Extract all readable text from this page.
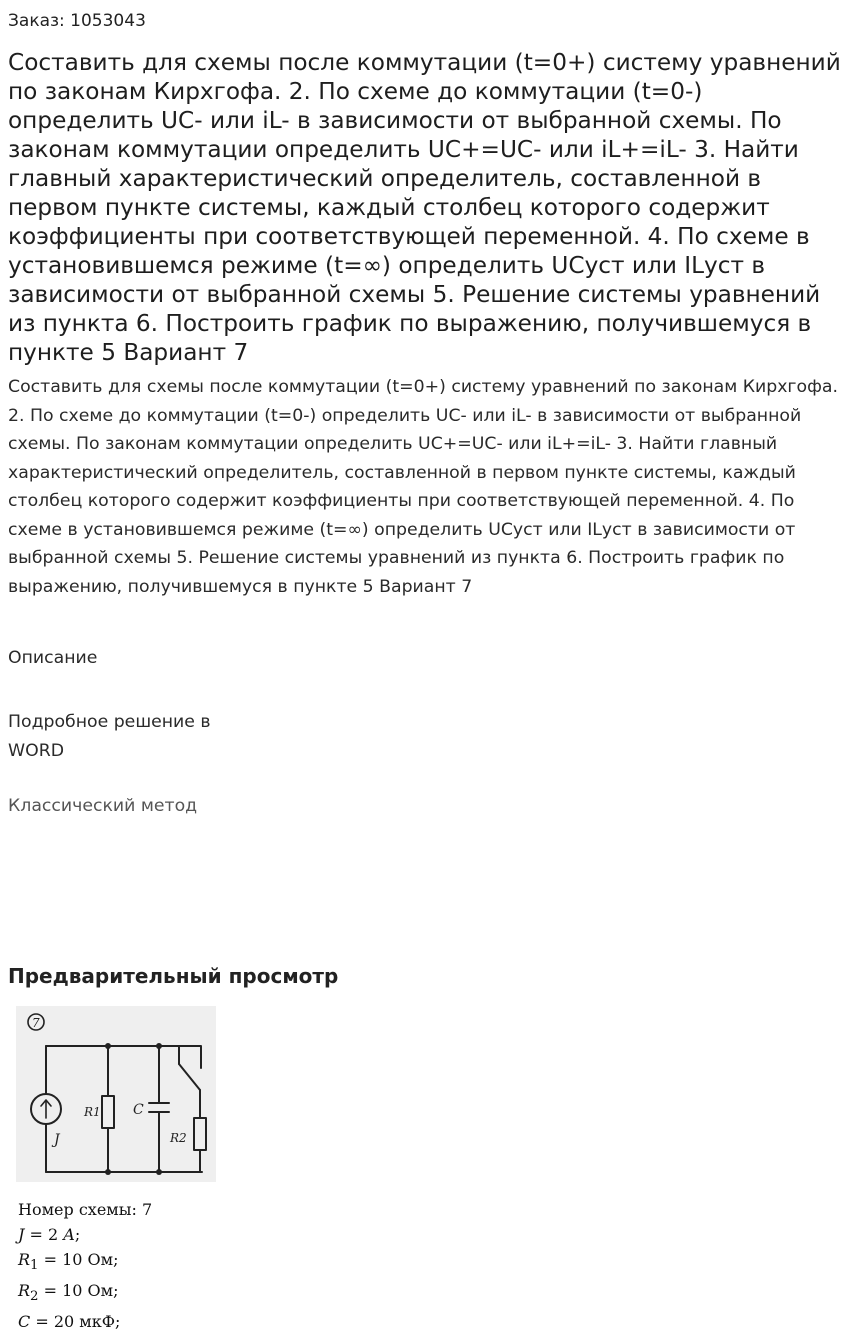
Заказ: 1053043
Составить для схемы после коммутации (t=0+) систему уравнений по законам Кирхгофа. 2. По схеме до коммутации (t=0-) определить UC- или iL- в зависимости от выбранной схемы. По законам коммутации определить UC+=UC- или iL+=iL- 3. Найти главный характеристический определитель, составленной в первом пункте системы, каждый столбец которого содержит коэффициенты при соответствующей переменной. 4. По схеме в установившемся режиме (t=∞) определить UCуст или ILуст в зависимости от выбранной схемы 5. Решение системы уравнений из пункта 6. Построить график по выражению, получившемуся в пункте 5 Вариант 7

Составить для схемы после коммутации (t=0+) систему уравнений по законам Кирхгофа. 2. По схеме до коммутации (t=0-) определить UC- или iL- в зависимости от выбранной схемы. По законам коммутации определить UC+=UC- или iL+=iL- 3. Найти главный характеристический определитель, составленной в первом пункте системы, каждый столбец которого содержит коэффициенты при соответствующей переменной. 4. По схеме в установившемся режиме (t=∞) определить UCуст или ILуст в зависимости от выбранной схемы 5. Решение системы уравнений из пункта 6. Построить график по выражению, получившемуся в пункте 5 Вариант 7

Описание
Подробное решение в WORD
Классический метод
Предварительный просмотр
7
J
R1 C
R2
Номер схемы: 7
J = 2 A;
$R_1 = 10$ Ом;
$R_2 = 10$ Ом;
C = 20 мкФ;
